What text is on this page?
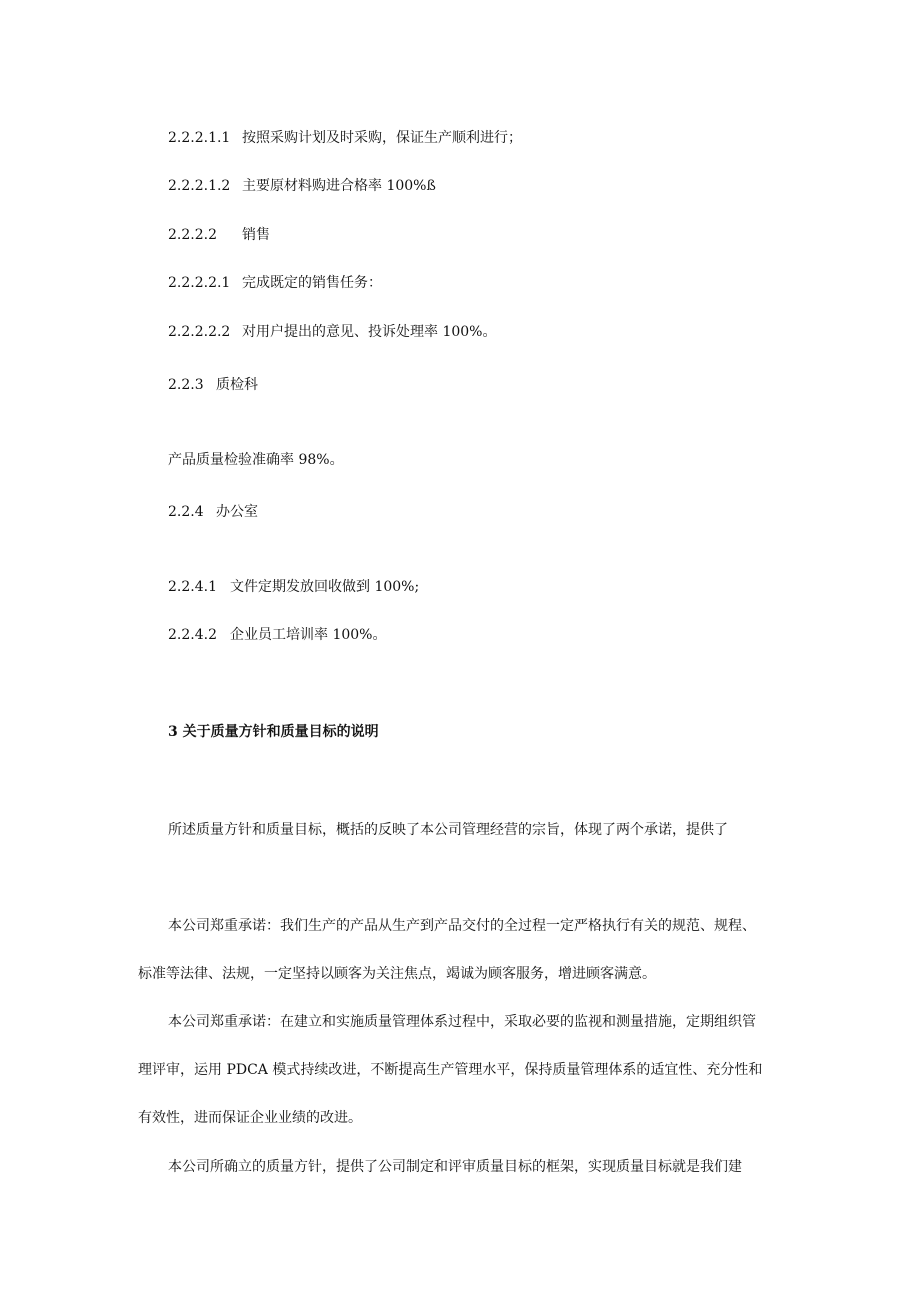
2.2.2.1.1 按照采购计划及时采购，保证生产顺利进行；
2.2.2.1.2 主要原材料购进合格率 100%ß
2.2.2.2 销售
2.2.2.2.1 完成既定的销售任务：
2.2.2.2.2 对用户提出的意见、投诉处理率 100%。
2.2.3 质检科
产品质量检验准确率 98%。
2.2.4 办公室
2.2.4.1 文件定期发放回收做到 100%;
2.2.4.2 企业员工培训率 100%。
3 关于质量方针和质量目标的说明
所述质量方针和质量目标，概括的反映了本公司管理经营的宗旨，体现了两个承诺，提供了
本公司郑重承诺：我们生产的产品从生产到产品交付的全过程一定严格执行有关的规范、规程、
标准等法律、法规，一定坚持以顾客为关注焦点，竭诚为顾客服务，增进顾客满意。
本公司郑重承诺：在建立和实施质量管理体系过程中，采取必要的监视和测量措施，定期组织管
理评审，运用 PDCA 模式持续改进，不断提高生产管理水平，保持质量管理体系的适宜性、充分性和
有效性，进而保证企业业绩的改进。
本公司所确立的质量方针，提供了公司制定和评审质量目标的框架，实现质量目标就是我们建
